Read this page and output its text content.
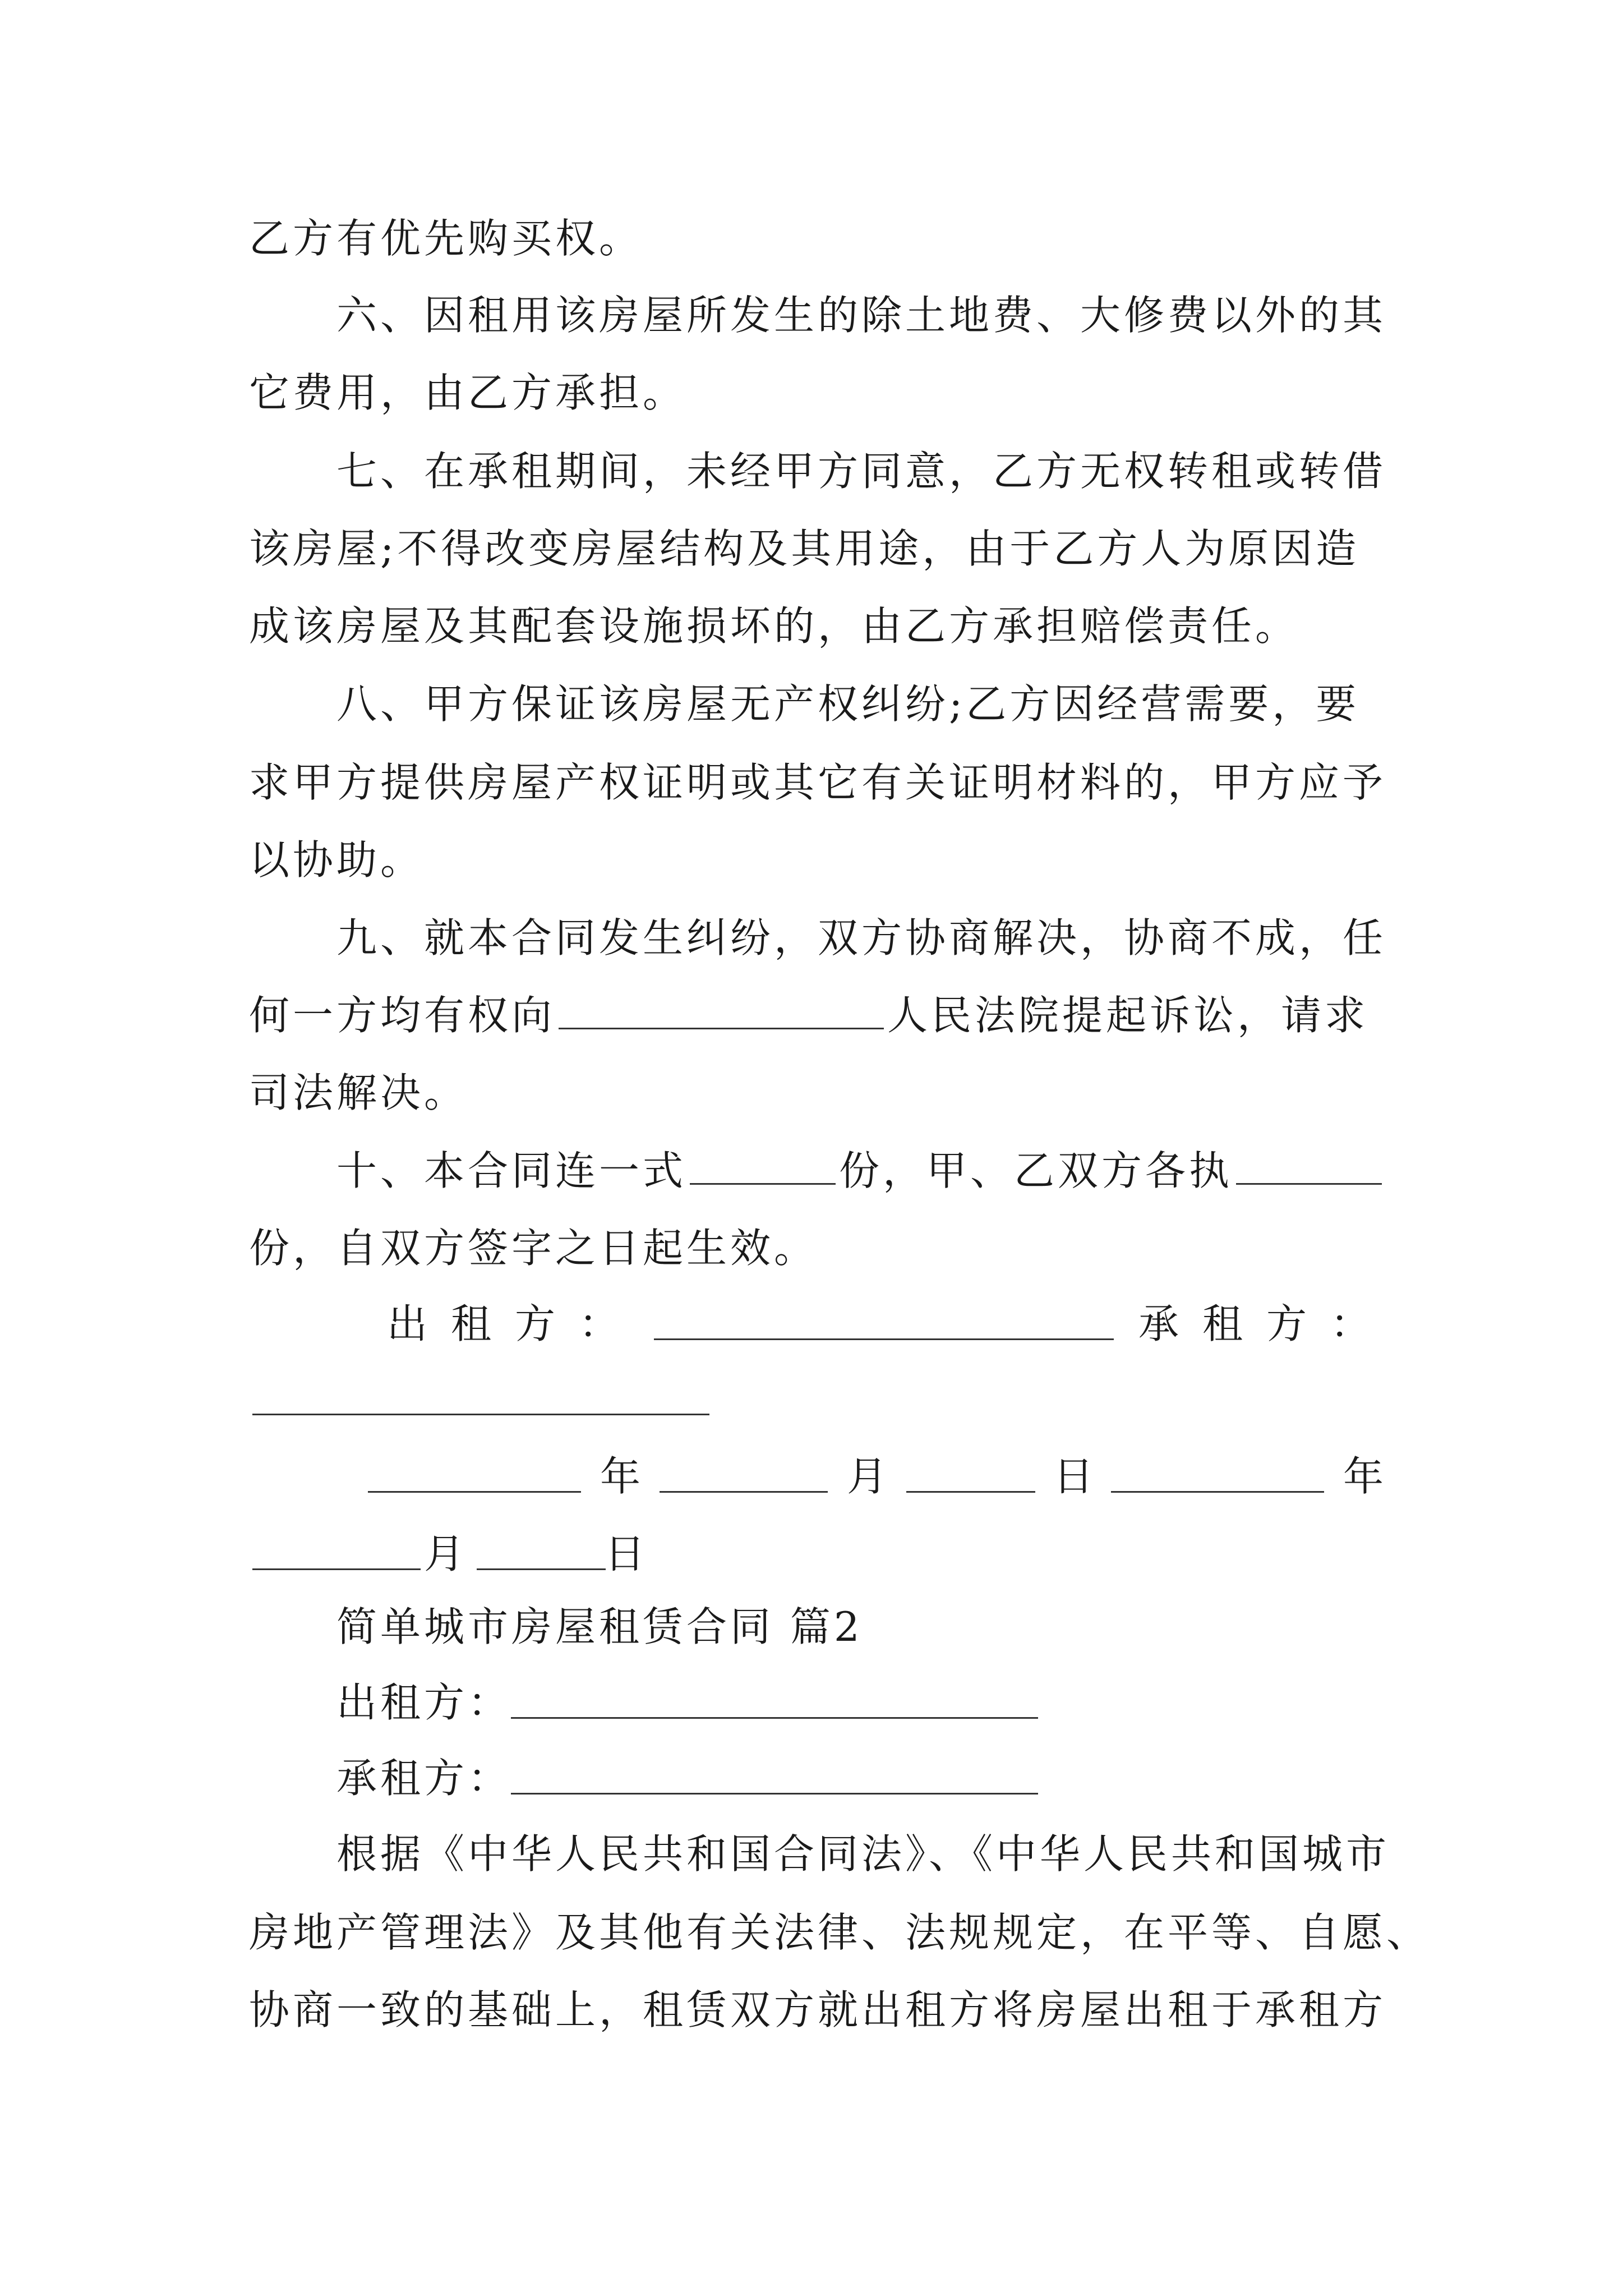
乙方有优先购买权。
六、因租用该房屋所发生的除土地费、大修费以外的其
它费用，由乙方承担。
七、在承租期间，未经甲方同意，乙方无权转租或转借
该房屋;不得改变房屋结构及其用途，由于乙方人为原因造
成该房屋及其配套设施损坏的，由乙方承担赔偿责任。
八、甲方保证该房屋无产权纠纷;乙方因经营需要，要
求甲方提供房屋产权证明或其它有关证明材料的，甲方应予
以协助。
九、就本合同发生纠纷，双方协商解决，协商不成，任
何一方均有权向	人民法院提起诉讼，请求
司法解决。
十、本合同连一式	份，甲、乙双方各执
份，自双方签字之日起生效。
出租方：	承租方：
年	月	日	年
月	日
简单城市房屋租赁合同 篇2
出租方：
承租方：
根据《中华人民共和国合同法》、《中华人民共和国城市
房地产管理法》及其他有关法律、法规规定，在平等、自愿、
协商一致的基础上，租赁双方就出租方将房屋出租于承租方
